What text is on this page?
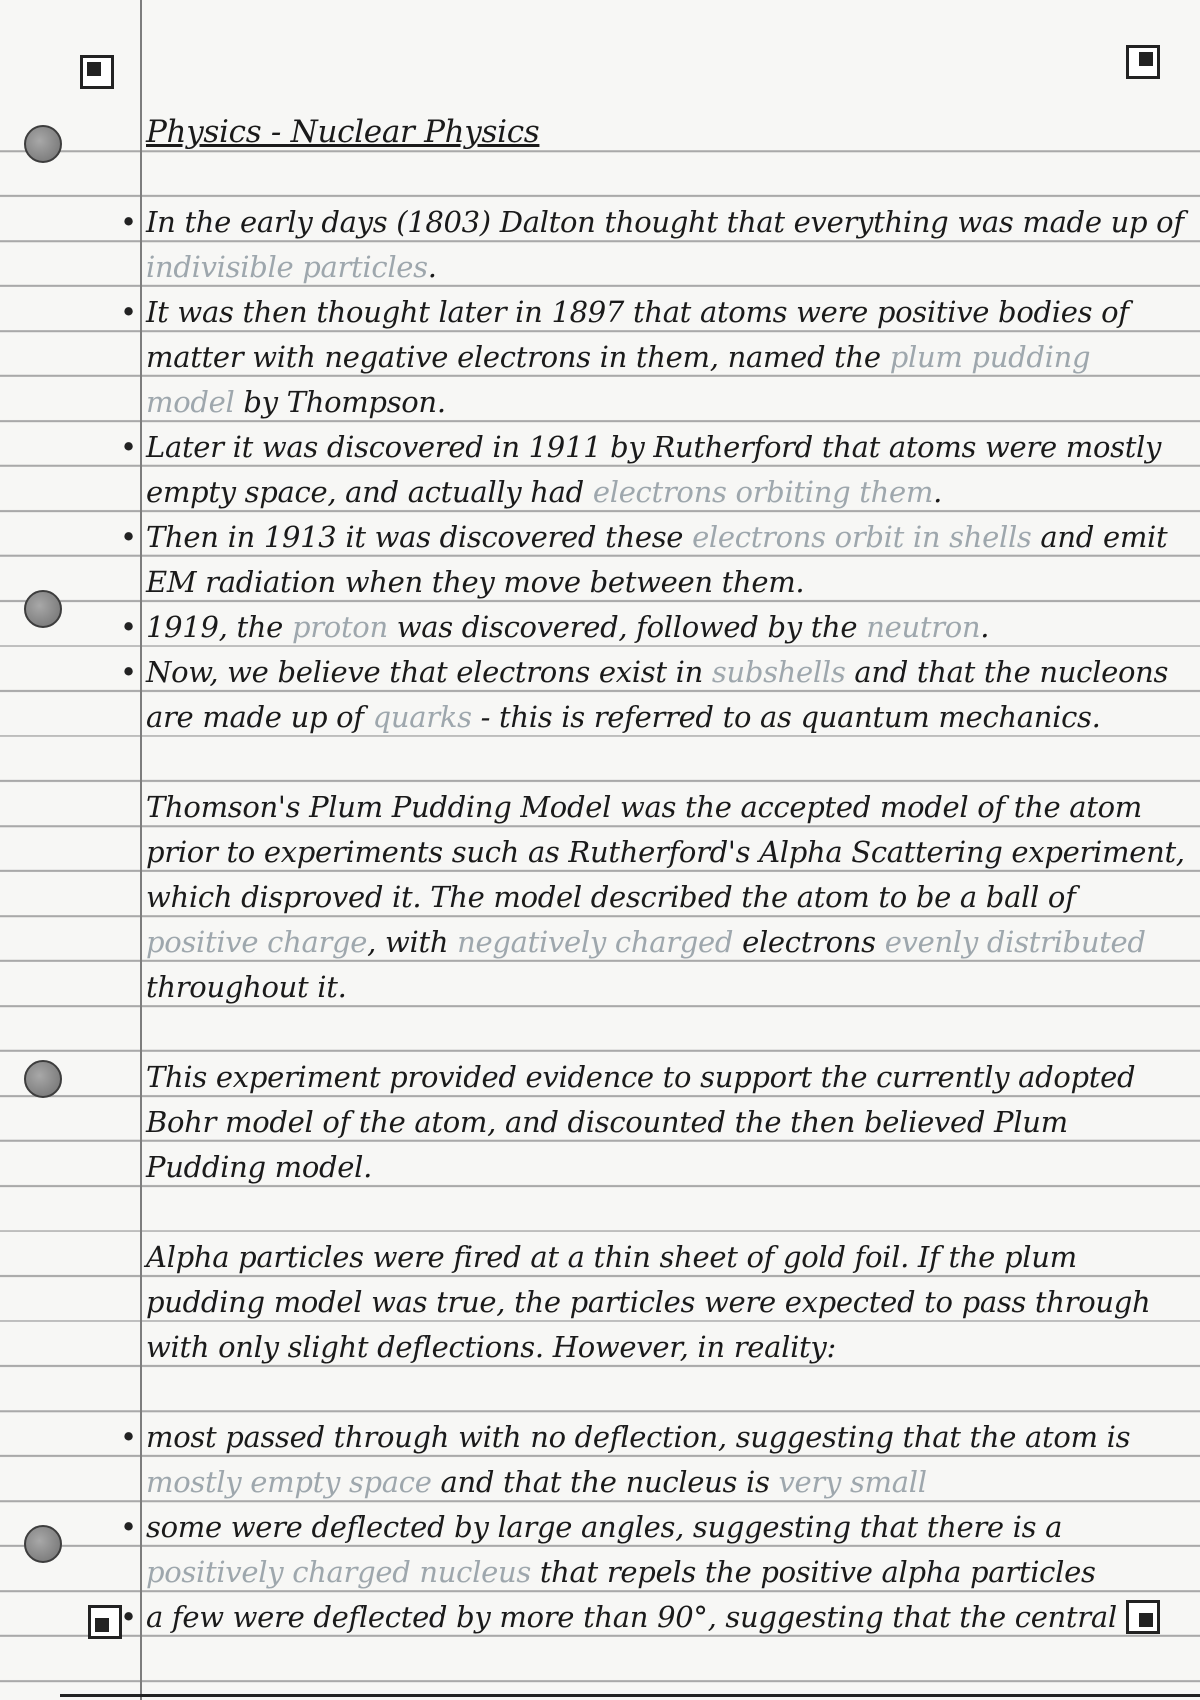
Physics - Nuclear Physics
• In the early days (1803) Dalton thought that everything was made up of indivisible particles.
• It was then thought later in 1897 that atoms were positive bodies of matter with negative electrons in them, named the plum pudding model by Thompson.
• Later it was discovered in 1911 by Rutherford that atoms were mostly empty space, and actually had electrons orbiting them.
• Then in 1913 it was discovered these electrons orbit in shells and emit EM radiation when they move between them.
• 1919, the proton was discovered, followed by the neutron.
• Now, we believe that electrons exist in subshells and that the nucleons are made up of quarks - this is referred to as quantum mechanics.
Thomson's Plum Pudding Model was the accepted model of the atom prior to experiments such as Rutherford's Alpha Scattering experiment, which disproved it. The model described the atom to be a ball of positive charge, with negatively charged electrons evenly distributed throughout it.
This experiment provided evidence to support the currently adopted Bohr model of the atom, and discounted the then believed Plum Pudding model.
Alpha particles were fired at a thin sheet of gold foil. If the plum pudding model was true, the particles were expected to pass through with only slight deflections. However, in reality:
• most passed through with no deflection, suggesting that the atom is mostly empty space and that the nucleus is very small
• some were deflected by large angles, suggesting that there is a positively charged nucleus that repels the positive alpha particles
• a few were deflected by more than 90°, suggesting that the central
